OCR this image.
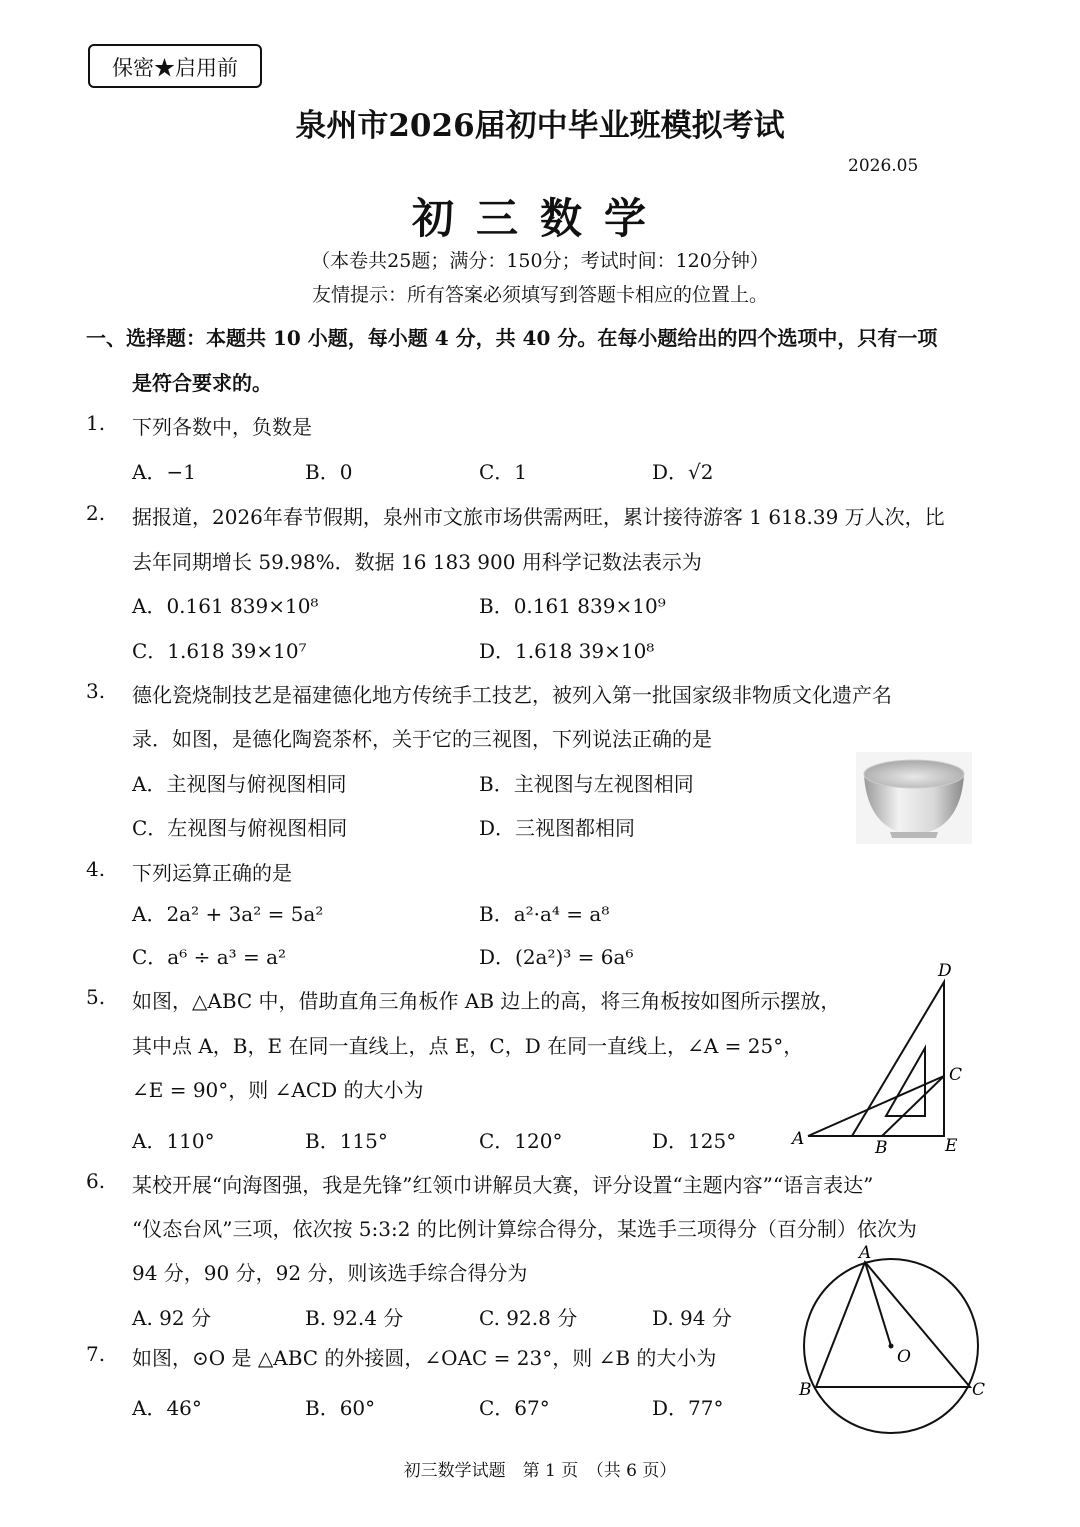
保密★启用前
泉州市2026届初中毕业班模拟考试
2026.05
初三数学
（本卷共25题；满分：150分；考试时间：120分钟）
友情提示：所有答案必须填写到答题卡相应的位置上。
一、选择题：本题共 10 小题，每小题 4 分，共 40 分。在每小题给出的四个选项中，只有一项
是符合要求的。
1. 下列各数中，负数是
A．−1	B．0	C．1	D．√2
2. 据报道，2026年春节假期，泉州市文旅市场供需两旺，累计接待游客 1 618.39 万人次，比
去年同期增长 59.98%．数据 16 183 900 用科学记数法表示为
A．0.161 839×10⁸	B．0.161 839×10⁹
C．1.618 39×10⁷	D．1.618 39×10⁸
3. 德化瓷烧制技艺是福建德化地方传统手工技艺，被列入第一批国家级非物质文化遗产名
录．如图，是德化陶瓷茶杯，关于它的三视图，下列说法正确的是
A．主视图与俯视图相同	B．主视图与左视图相同
C．左视图与俯视图相同	D．三视图都相同
4. 下列运算正确的是
A．2a² + 3a² = 5a²	B．a²·a⁴ = a⁸
C．a⁶ ÷ a³ = a²	D．(2a²)³ = 6a⁶
5. 如图，△ABC 中，借助直角三角板作 AB 边上的高，将三角板按如图所示摆放，
其中点 A，B，E 在同一直线上，点 E，C，D 在同一直线上，∠A = 25°，
∠E = 90°，则 ∠ACD 的大小为
A．110°	B．115°	C．120°	D．125°
D
C
A	B	E
6. 某校开展“向海图强，我是先锋”红领巾讲解员大赛，评分设置“主题内容”“语言表达”
“仪态台风”三项，依次按 5:3:2 的比例计算综合得分，某选手三项得分（百分制）依次为
94 分，90 分，92 分，则该选手综合得分为
A. 92 分	B. 92.4 分	C. 92.8 分	D. 94 分
7. 如图，⊙O 是 △ABC 的外接圆，∠OAC = 23°，则 ∠B 的大小为
A．46°	B．60°	C．67°	D．77°
A
O
B	C
初三数学试题　第 1 页　（共 6 页）
